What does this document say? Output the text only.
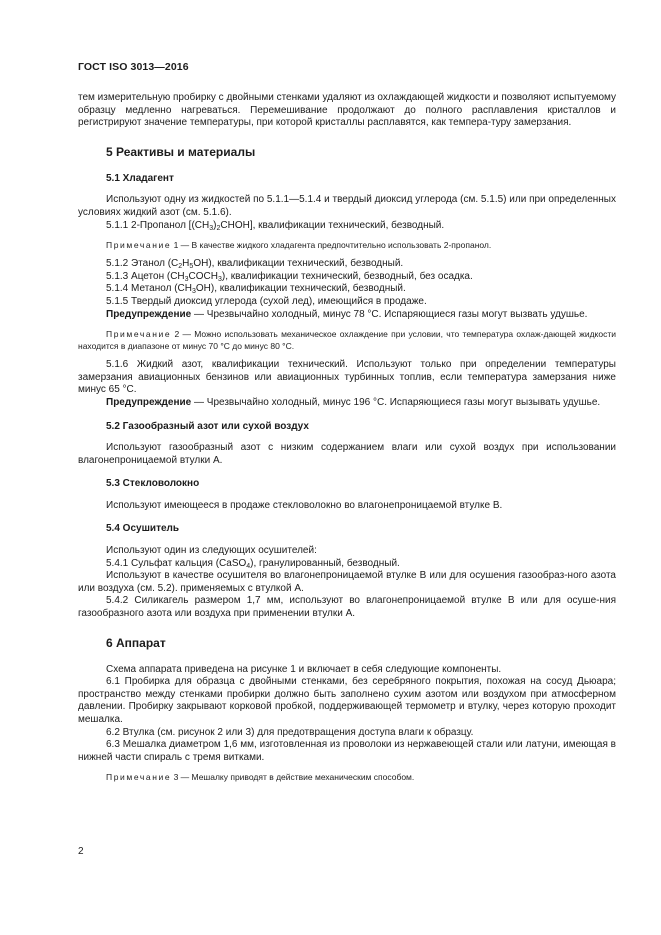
ГОСТ ISO 3013—2016

тем измерительную пробирку с двойными стенками удаляют из охлаждающей жидкости и позволяют испытуемому образцу медленно нагреваться. Перемешивание продолжают до полного расплавления кристаллов и регистрируют значение температуры, при которой кристаллы расплавятся, как темпера-туру замерзания.

5 Реактивы и материалы
5.1 Хладагент

Используют одну из жидкостей по 5.1.1—5.1.4 и твердый диоксид углерода (см. 5.1.5) или при определенных условиях жидкий азот (см. 5.1.6).

5.1.1 2-Пропанол $[(CH_3)_2CHOH]$, квалификации технический, безводный.

Примечание 1 — В качестве жидкого хладагента предпочтительно использовать 2-пропанол.

5.1.2 Этанол $(C_2H_5OH)$, квалификации технический, безводный.

5.1.3 Ацетон $(CH_3COCH_3)$, квалификации технический, безводный, без осадка.

5.1.4 Метанол $(CH_3OH)$, квалификации технический, безводный.

5.1.5 Твердый диоксид углерода (сухой лед), имеющийся в продаже.

Предупреждение — Чрезвычайно холодный, минус 78 °С. Испаряющиеся газы могут вызвать удушье.

Примечание 2 — Можно использовать механическое охлаждение при условии, что температура охлаж-дающей жидкости находится в диапазоне от минус 70 °С до минус 80 °С.

5.1.6 Жидкий азот, квалификации технический. Используют только при определении температуры замерзания авиационных бензинов или авиационных турбинных топлив, если температура замерзания ниже минус 65 °С.

Предупреждение — Чрезвычайно холодный, минус 196 °С. Испаряющиеся газы могут вызывать удушье.

5.2 Газообразный азот или сухой воздух

Используют газообразный азот с низким содержанием влаги или сухой воздух при использовании влагонепроницаемой втулки А.

5.3 Стекловолокно

Используют имеющееся в продаже стекловолокно во влагонепроницаемой втулке В.

5.4 Осушитель

Используют один из следующих осушителей:

5.4.1 Сульфат кальция (CaSO$_4$), гранулированный, безводный.

Используют в качестве осушителя во влагонепроницаемой втулке В или для осушения газообраз-ного азота или воздуха (см. 5.2). применяемых с втулкой А.

5.4.2 Силикагель размером 1,7 мм, используют во влагонепроницаемой втулке В или для осуше-ния газообразного азота или воздуха при применении втулки А.

6 Аппарат

Схема аппарата приведена на рисунке 1 и включает в себя следующие компоненты.

6.1 Пробирка для образца с двойными стенками, без серебряного покрытия, похожая на сосуд Дьюара; пространство между стенками пробирки должно быть заполнено сухим азотом или воздухом при атмосферном давлении. Пробирку закрывают корковой пробкой, поддерживающей термометр и втулку, через которую проходит мешалка.

6.2 Втулка (см. рисунок 2 или 3) для предотвращения доступа влаги к образцу.

6.3 Мешалка диаметром 1,6 мм, изготовленная из проволоки из нержавеющей стали или латуни, имеющая в нижней части спираль с тремя витками.

Примечание 3 — Мешалку приводят в действие механическим способом.

2
